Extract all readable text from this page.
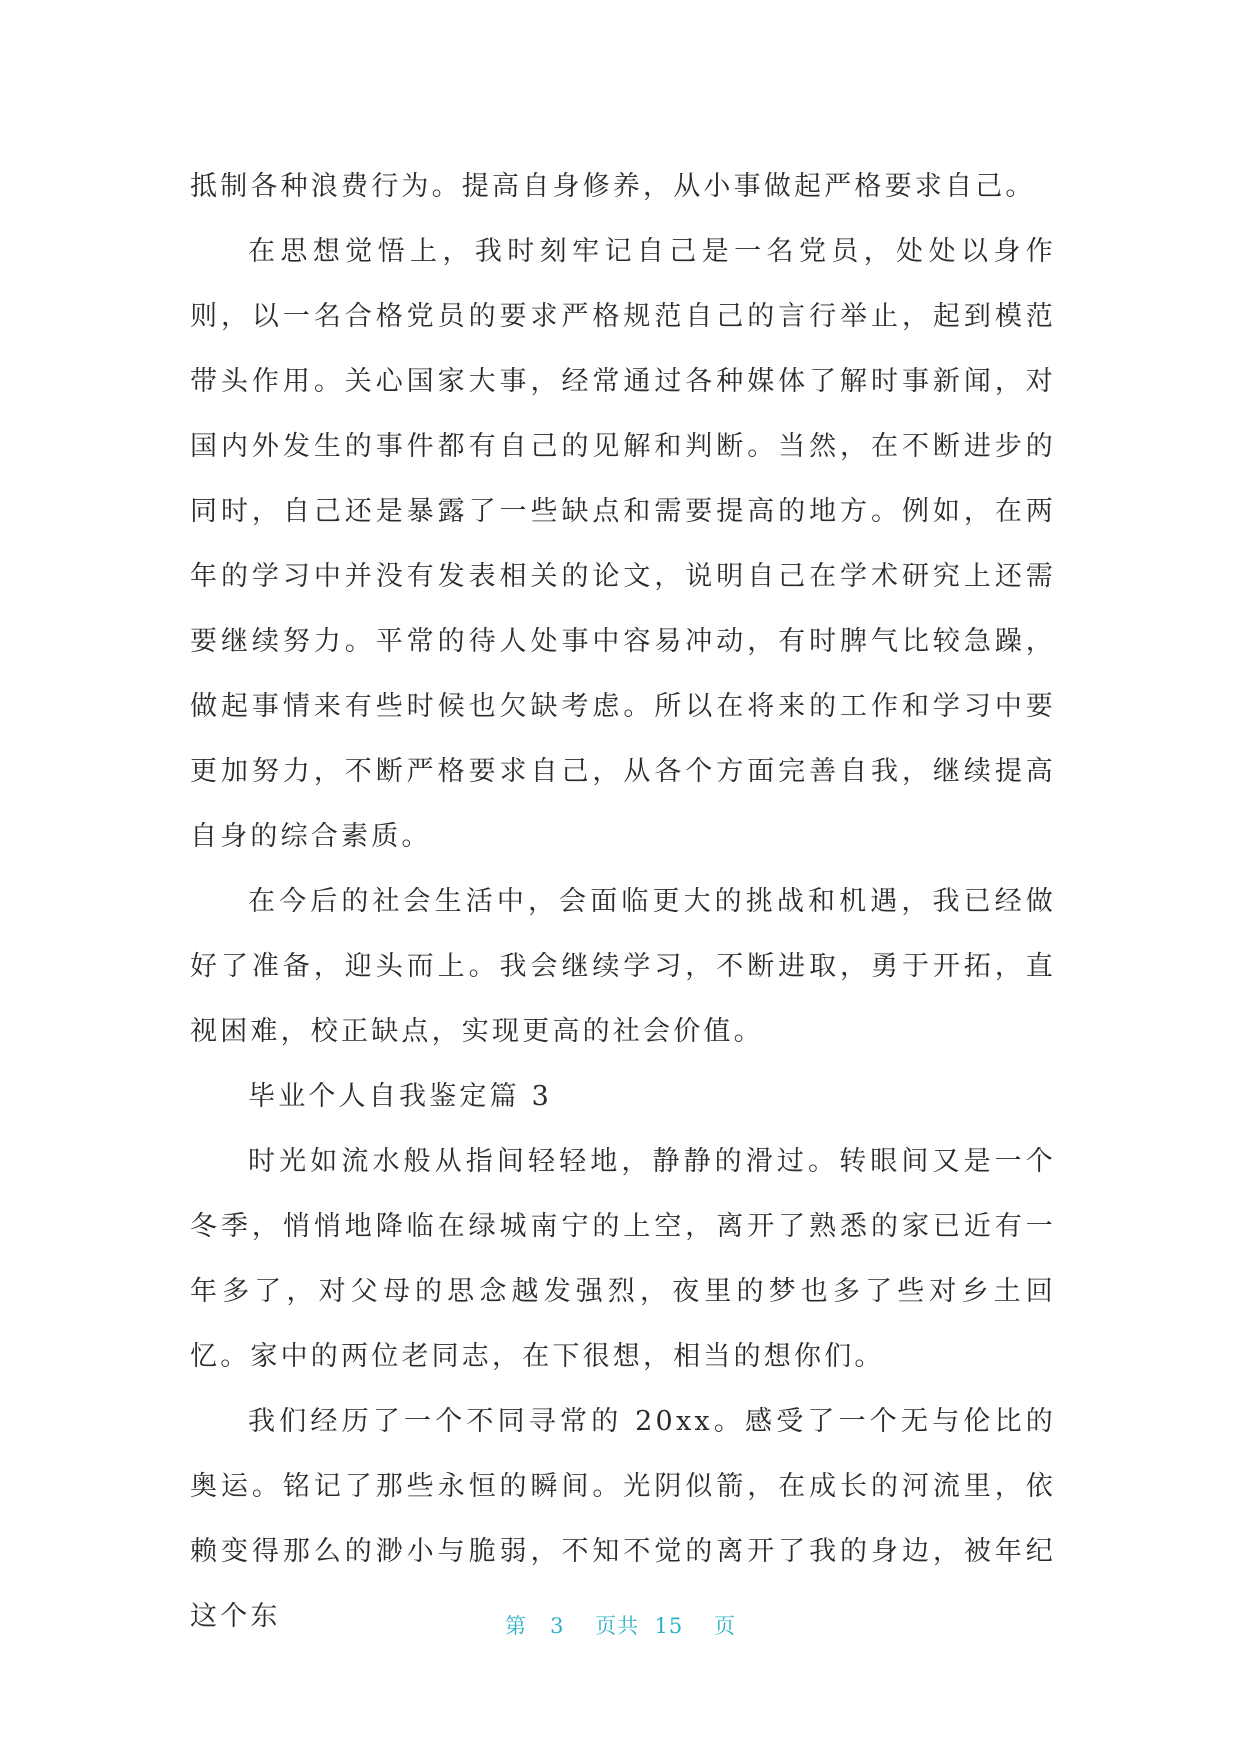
抵制各种浪费行为。提高自身修养，从小事做起严格要求自己。

在思想觉悟上，我时刻牢记自己是一名党员，处处以身作则，以一名合格党员的要求严格规范自己的言行举止，起到模范带头作用。关心国家大事，经常通过各种媒体了解时事新闻，对国内外发生的事件都有自己的见解和判断。当然，在不断进步的同时，自己还是暴露了一些缺点和需要提高的地方。例如，在两年的学习中并没有发表相关的论文，说明自己在学术研究上还需要继续努力。平常的待人处事中容易冲动，有时脾气比较急躁，做起事情来有些时候也欠缺考虑。所以在将来的工作和学习中要更加努力，不断严格要求自己，从各个方面完善自我，继续提高自身的综合素质。

在今后的社会生活中，会面临更大的挑战和机遇，我已经做好了准备，迎头而上。我会继续学习，不断进取，勇于开拓，直视困难，校正缺点，实现更高的社会价值。

毕业个人自我鉴定篇 3

时光如流水般从指间轻轻地，静静的滑过。转眼间又是一个冬季，悄悄地降临在绿城南宁的上空，离开了熟悉的家已近有一年多了，对父母的思念越发强烈，夜里的梦也多了些对乡土回忆。家中的两位老同志，在下很想，相当的想你们。

我们经历了一个不同寻常的 20xx。感受了一个无与伦比的奥运。铭记了那些永恒的瞬间。光阴似箭，在成长的河流里，依赖变得那么的渺小与脆弱，不知不觉的离开了我的身边，被年纪这个东	第 3 页共 15 页
